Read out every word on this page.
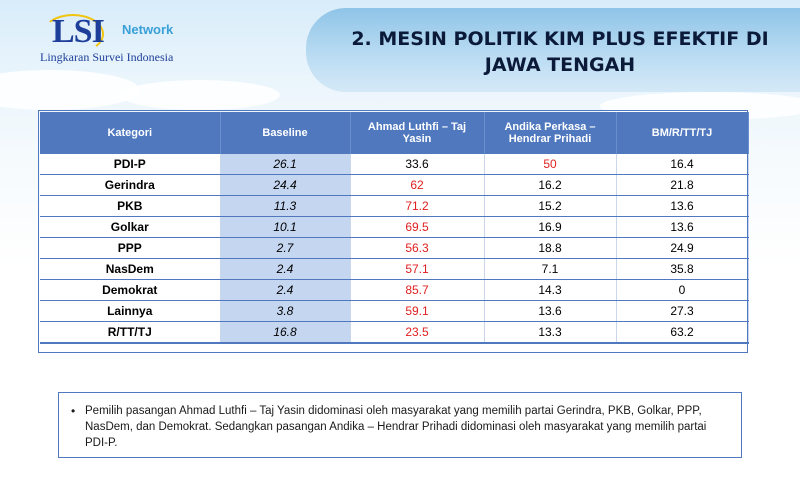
2. MESIN POLITIK KIM PLUS EFEKTIF DI
JAWA TENGAH
LSI Network
Lingkaran Survei Indonesia
Kategori	Baseline	Ahmad Luthfi – Taj Yasin	Andika Perkasa – Hendrar Prihadi	BM/R/TT/TJ
PDI-P	26.1	33.6	50	16.4
Gerindra	24.4	62	16.2	21.8
PKB	11.3	71.2	15.2	13.6
Golkar	10.1	69.5	16.9	13.6
PPP	2.7	56.3	18.8	24.9
NasDem	2.4	57.1	7.1	35.8
Demokrat	2.4	85.7	14.3	0
Lainnya	3.8	59.1	13.6	27.3
R/TT/TJ	16.8	23.5	13.3	63.2
• Pemilih pasangan Ahmad Luthfi – Taj Yasin didominasi oleh masyarakat yang memilih partai Gerindra, PKB, Golkar, PPP, NasDem, dan Demokrat. Sedangkan pasangan Andika – Hendrar Prihadi didominasi oleh masyarakat yang memilih partai PDI-P.
